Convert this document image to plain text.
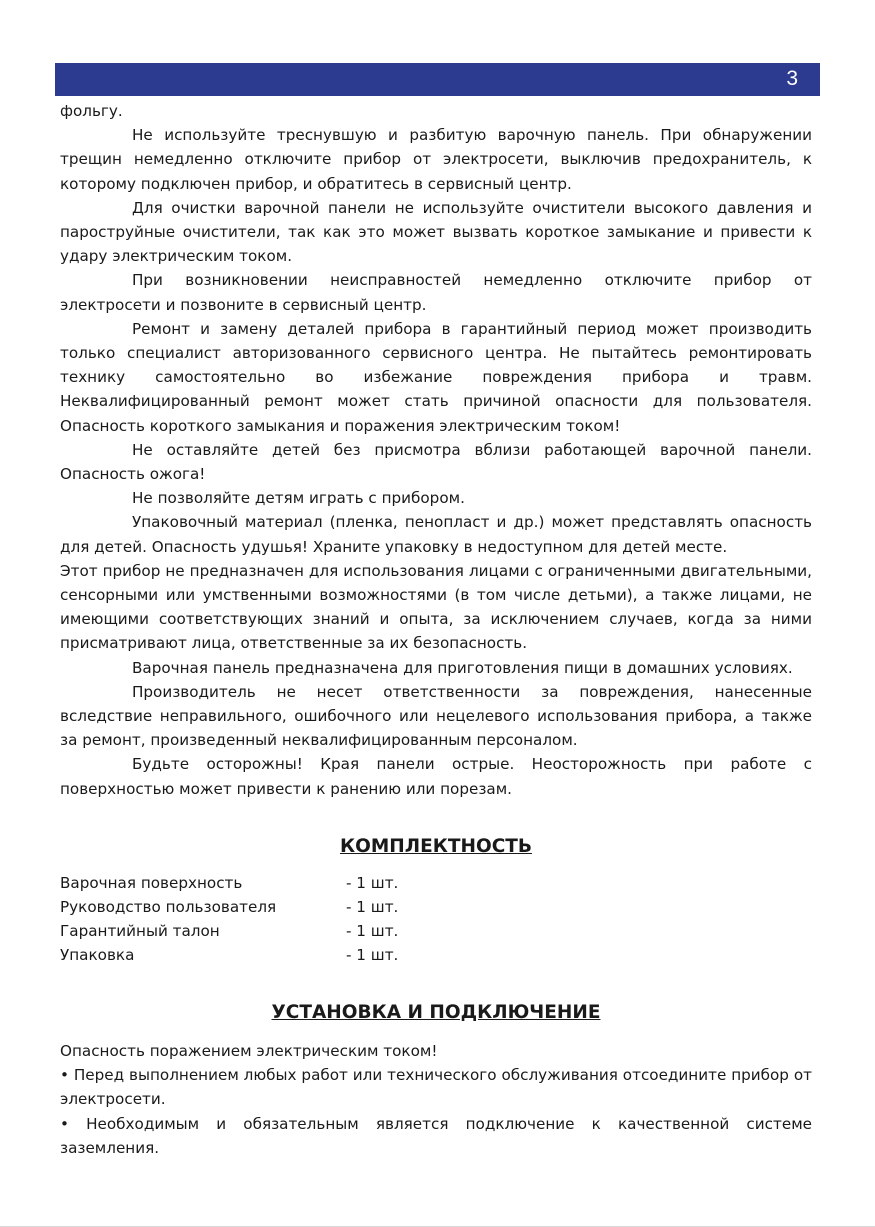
3

фольгу.

Не используйте треснувшую и разбитую варочную панель. При обнаружении трещин немедленно отключите прибор от электросети, выключив предохранитель, к которому подключен прибор, и обратитесь в сервисный центр.

Для очистки варочной панели не используйте очистители высокого давления и пароструйные очистители, так как это может вызвать короткое замыкание и привести к удару электрическим током.

При возникновении неисправностей немедленно отключите прибор от электросети и позвоните в сервисный центр.

Ремонт и замену деталей прибора в гарантийный период может производить только специалист авторизованного сервисного центра. Не пытайтесь ремонтировать технику самостоятельно во избежание повреждения прибора и травм. Неквалифицированный ремонт может стать причиной опасности для пользователя. Опасность короткого замыкания и поражения электрическим током!

Не оставляйте детей без присмотра вблизи работающей варочной панели. Опасность ожога!

Не позволяйте детям играть с прибором.

Упаковочный материал (пленка, пенопласт и др.) может представлять опасность для детей. Опасность удушья! Храните упаковку в недоступном для детей месте.

Этот прибор не предназначен для использования лицами с ограниченными двигательными, сенсорными или умственными возможностями (в том числе детьми), а также лицами, не имеющими соответствующих знаний и опыта, за исключением случаев, когда за ними присматривают лица, ответственные за их безопасность.

Варочная панель предназначена для приготовления пищи в домашних условиях.

Производитель не несет ответственности за повреждения, нанесенные вследствие неправильного, ошибочного или нецелевого использования прибора, а также за ремонт, произведенный неквалифицированным персоналом.

Будьте осторожны! Края панели острые. Неосторожность при работе с поверхностью может привести к ранению или порезам.

КОМПЛЕКТНОСТЬ
Варочная поверхность	- 1 шт.
Руководство пользователя	- 1 шт.
Гарантийный талон	- 1 шт.
Упаковка	- 1 шт.
УСТАНОВКА И ПОДКЛЮЧЕНИЕ

Опасность поражением электрическим током!

• Перед выполнением любых работ или технического обслуживания отсоедините прибор от электросети.

• Необходимым и обязательным является подключение к качественной системе заземления.
